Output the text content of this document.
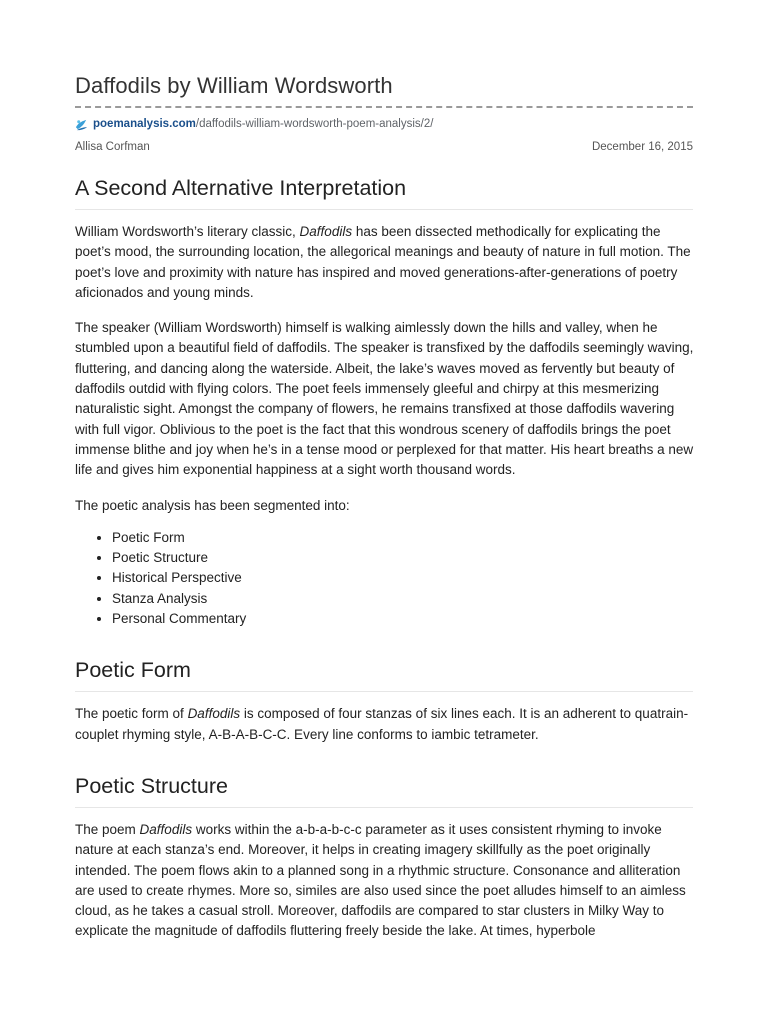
Daffodils by William Wordsworth
poemanalysis.com /daffodils-william-wordsworth-poem-analysis/2/
Allisa Corfman	December 16, 2015
A Second Alternative Interpretation

William Wordsworth’s literary classic, Daffodils has been dissected methodically for explicating the poet’s mood, the surrounding location, the allegorical meanings and beauty of nature in full motion. The poet’s love and proximity with nature has inspired and moved generations-after-generations of poetry aficionados and young minds.

The speaker (William Wordsworth) himself is walking aimlessly down the hills and valley, when he stumbled upon a beautiful field of daffodils. The speaker is transfixed by the daffodils seemingly waving, fluttering, and dancing along the waterside. Albeit, the lake’s waves moved as fervently but beauty of daffodils outdid with flying colors. The poet feels immensely gleeful and chirpy at this mesmerizing naturalistic sight. Amongst the company of flowers, he remains transfixed at those daffodils wavering with full vigor. Oblivious to the poet is the fact that this wondrous scenery of daffodils brings the poet immense blithe and joy when he’s in a tense mood or perplexed for that matter. His heart breaths a new life and gives him exponential happiness at a sight worth thousand words.

The poetic analysis has been segmented into:

• Poetic Form
• Poetic Structure
• Historical Perspective
• Stanza Analysis
• Personal Commentary
Poetic Form

The poetic form of Daffodils is composed of four stanzas of six lines each. It is an adherent to quatrain-couplet rhyming style, A-B-A-B-C-C. Every line conforms to iambic tetrameter.

Poetic Structure

The poem Daffodils works within the a-b-a-b-c-c parameter as it uses consistent rhyming to invoke nature at each stanza’s end. Moreover, it helps in creating imagery skillfully as the poet originally intended. The poem flows akin to a planned song in a rhythmic structure. Consonance and alliteration are used to create rhymes. More so, similes are also used since the poet alludes himself to an aimless cloud, as he takes a casual stroll. Moreover, daffodils are compared to star clusters in Milky Way to explicate the magnitude of daffodils fluttering freely beside the lake. At times, hyperbole
